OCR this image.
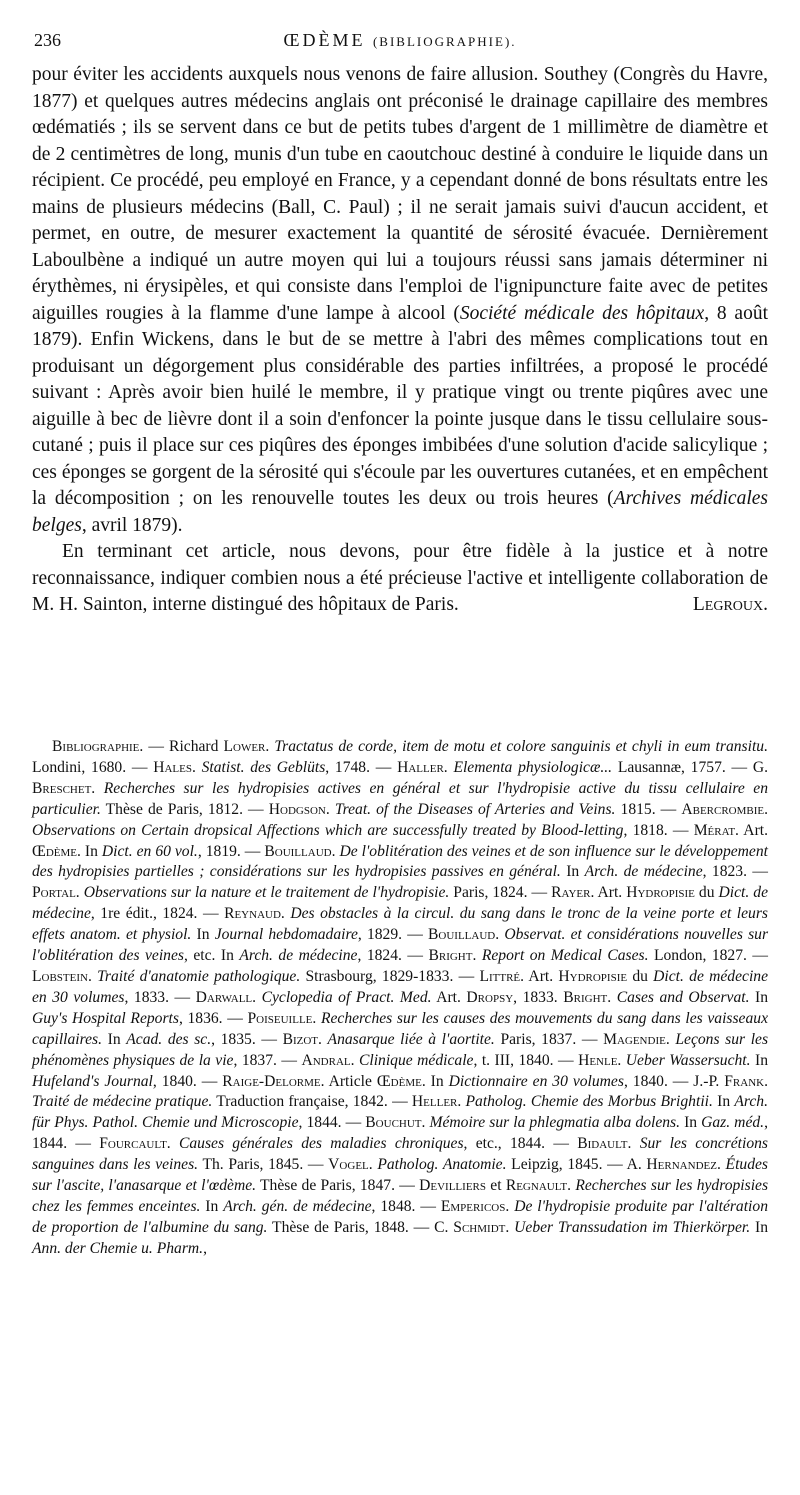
236	ŒDÈME (BIBLIOGRAPHIE).

pour éviter les accidents auxquels nous venons de faire allusion. Southey (Congrès du Havre, 1877) et quelques autres médecins anglais ont préconisé le drainage capillaire des membres œdématiés ; ils se servent dans ce but de petits tubes d'argent de 1 millimètre de diamètre et de 2 centimètres de long, munis d'un tube en caoutchouc destiné à conduire le liquide dans un récipient. Ce procédé, peu employé en France, y a cependant donné de bons résultats entre les mains de plusieurs médecins (Ball, C. Paul) ; il ne serait jamais suivi d'aucun accident, et permet, en outre, de mesurer exactement la quantité de sérosité évacuée. Dernièrement Laboulbène a indiqué un autre moyen qui lui a toujours réussi sans jamais déterminer ni érythèmes, ni érysipèles, et qui consiste dans l'emploi de l'ignipuncture faite avec de petites aiguilles rougies à la flamme d'une lampe à alcool (Société médicale des hôpitaux, 8 août 1879). Enfin Wickens, dans le but de se mettre à l'abri des mêmes complications tout en produisant un dégorgement plus considérable des parties infiltrées, a proposé le procédé suivant : Après avoir bien huilé le membre, il y pratique vingt ou trente piqûres avec une aiguille à bec de lièvre dont il a soin d'enfoncer la pointe jusque dans le tissu cellulaire sous-cutané ; puis il place sur ces piqûres des éponges imbibées d'une solution d'acide salicylique ; ces éponges se gorgent de la sérosité qui s'écoule par les ouvertures cutanées, et en empêchent la décomposition ; on les renouvelle toutes les deux ou trois heures (Archives médicales belges, avril 1879).

En terminant cet article, nous devons, pour être fidèle à la justice et à notre reconnaissance, indiquer combien nous a été précieuse l'active et intelligente collaboration de M. H. Sainton, interne distingué des hôpitaux de Paris.	Legroux.

Bibliographie. — Richard Lower. Tractatus de corde, item de motu et colore sanguinis et chyli in eum transitu. Londini, 1680. — Hales. Statist. des Geblüts, 1748. — Haller. Elementa physiologicæ... Lausannæ, 1757. — G. Breschet. Recherches sur les hydropisies actives en général et sur l'hydropisie active du tissu cellulaire en particulier. Thèse de Paris, 1812. — Hodgson. Treat. of the Diseases of Arteries and Veins. 1815. — Abercrombie. Observations on Certain dropsical Affections which are successfully treated by Blood-letting, 1818. — Mérat. Art. Œdème. In Dict. en 60 vol., 1819. — Bouillaud. De l'oblitération des veines et de son influence sur le développement des hydropisies partielles ; considérations sur les hydropisies passives en général. In Arch. de médecine, 1823. — Portal. Observations sur la nature et le traitement de l'hydropisie. Paris, 1824. — Rayer. Art. Hydropisie du Dict. de médecine, 1re édit., 1824. — Reynaud. Des obstacles à la circul. du sang dans le tronc de la veine porte et leurs effets anatom. et physiol. In Journal hebdomadaire, 1829. — Bouillaud. Observat. et considérations nouvelles sur l'oblitération des veines, etc. In Arch. de médecine, 1824. — Bright. Report on Medical Cases. London, 1827. — Lobstein. Traité d'anatomie pathologique. Strasbourg, 1829-1833. — Littré. Art. Hydropisie du Dict. de médecine en 30 volumes, 1833. — Darwall. Cyclopedia of Pract. Med. Art. Dropsy, 1833. Bright. Cases and Observat. In Guy's Hospital Reports, 1836. — Poiseuille. Recherches sur les causes des mouvements du sang dans les vaisseaux capillaires. In Acad. des sc., 1835. — Bizot. Anasarque liée à l'aortite. Paris, 1837. — Magendie. Leçons sur les phénomènes physiques de la vie, 1837. — Andral. Clinique médicale, t. III, 1840. — Henle. Ueber Wassersucht. In Hufeland's Journal, 1840. — Raige-Delorme. Article Œdème. In Dictionnaire en 30 volumes, 1840. — J.-P. Frank. Traité de médecine pratique. Traduction française, 1842. — Heller. Patholog. Chemie des Morbus Brightii. In Arch. für Phys. Pathol. Chemie und Microscopie, 1844. — Bouchut. Mémoire sur la phlegmatia alba dolens. In Gaz. méd., 1844. — Fourcault. Causes générales des maladies chroniques, etc., 1844. — Bidault. Sur les concrétions sanguines dans les veines. Th. Paris, 1845. — Vogel. Patholog. Anatomie. Leipzig, 1845. — A. Hernandez. Études sur l'ascite, l'anasarque et l'œdème. Thèse de Paris, 1847. — Devilliers et Regnault. Recherches sur les hydropisies chez les femmes enceintes. In Arch. gén. de médecine, 1848. — Empericos. De l'hydropisie produite par l'altération de proportion de l'albumine du sang. Thèse de Paris, 1848. — C. Schmidt. Ueber Transsudation im Thierkörper. In Ann. der Chemie u. Pharm.,
